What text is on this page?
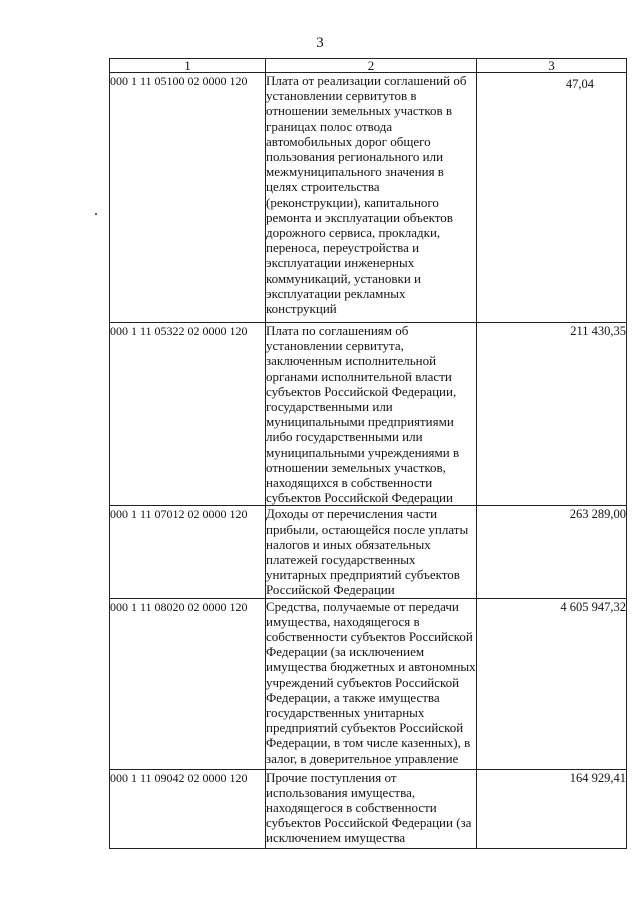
3
1	2	3
000 1 11 05100 02 0000 120	Плата от реализации соглашений об установлении сервитутов в отношении земельных участков в границах полос отвода автомобильных дорог общего пользования регионального или межмуниципального значения в целях строительства (реконструкции), капитального ремонта и эксплуатации объектов дорожного сервиса, прокладки, переноса, переустройства и эксплуатации инженерных коммуникаций, установки и эксплуатации рекламных конструкций	47,04
000 1 11 05322 02 0000 120	Плата по соглашениям об установлении сервитута, заключенным исполнительной органами исполнительной власти субъектов Российской Федерации, государственными или муниципальными предприятиями либо государственными или муниципальными учреждениями в отношении земельных участков, находящихся в собственности субъектов Российской Федерации	211 430,35
000 1 11 07012 02 0000 120	Доходы от перечисления части прибыли, остающейся после уплаты налогов и иных обязательных платежей государственных унитарных предприятий субъектов Российской Федерации	263 289,00
000 1 11 08020 02 0000 120	Средства, получаемые от передачи имущества, находящегося в собственности субъектов Российской Федерации (за исключением имущества бюджетных и автономных учреждений субъектов Российской Федерации, а также имущества государственных унитарных предприятий субъектов Российской Федерации, в том числе казенных), в залог, в доверительное управление	4 605 947,32
000 1 11 09042 02 0000 120	Прочие поступления от использования имущества, находящегося в собственности субъектов Российской Федерации (за исключением имущества	164 929,41
